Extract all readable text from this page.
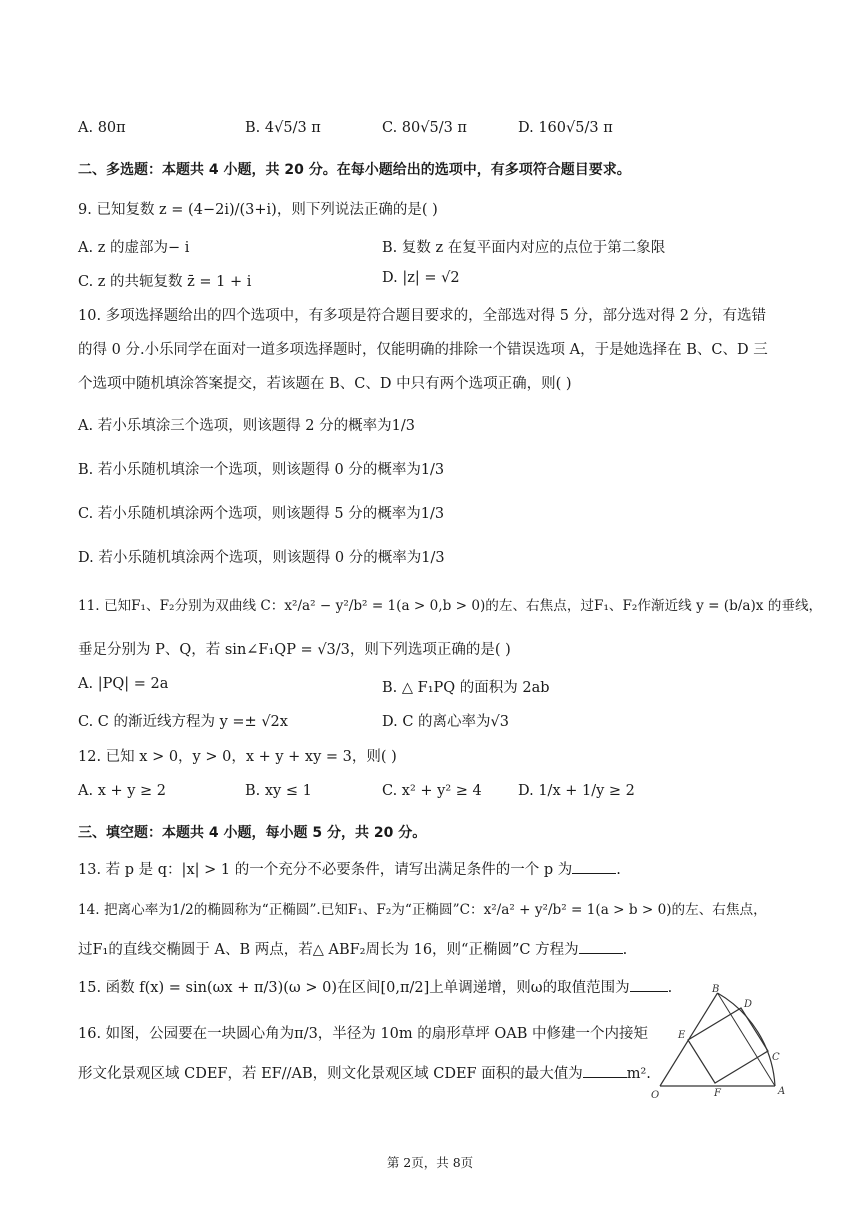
A. 80π	B. 4√5/3 π	C. 80√5/3 π	D. 160√5/3 π
二、多选题：本题共 4 小题，共 20 分。在每小题给出的选项中，有多项符合题目要求。
9. 已知复数 z = (4−2i)/(3+i)，则下列说法正确的是( )
A. z 的虚部为− i	B. 复数 z 在复平面内对应的点位于第二象限
C. z 的共轭复数 z̄ = 1 + i	D. |z| = √2
10. 多项选择题给出的四个选项中，有多项是符合题目要求的，全部选对得 5 分，部分选对得 2 分，有选错
的得 0 分.小乐同学在面对一道多项选择题时，仅能明确的排除一个错误选项 A，于是她选择在 B、C、D 三
个选项中随机填涂答案提交，若该题在 B、C、D 中只有两个选项正确，则( )
A. 若小乐填涂三个选项，则该题得 2 分的概率为1/3
B. 若小乐随机填涂一个选项，则该题得 0 分的概率为1/3
C. 若小乐随机填涂两个选项，则该题得 5 分的概率为1/3
D. 若小乐随机填涂两个选项，则该题得 0 分的概率为1/3
11. 已知F₁、F₂分别为双曲线 C：x²/a² − y²/b² = 1(a > 0,b > 0)的左、右焦点，过F₁、F₂作渐近线 y = (b/a)x 的垂线，
垂足分别为 P、Q，若 sin∠F₁QP = √3/3，则下列选项正确的是( )
A. |PQ| = 2a	B. △ F₁PQ 的面积为 2ab
C. C 的渐近线方程为 y =± √2x	D. C 的离心率为√3
12. 已知 x > 0，y > 0，x + y + xy = 3，则( )
A. x + y ≥ 2	B. xy ≤ 1	C. x² + y² ≥ 4 D. 1/x + 1/y ≥ 2
三、填空题：本题共 4 小题，每小题 5 分，共 20 分。
13. 若 p 是 q：|x| > 1 的一个充分不必要条件，请写出满足条件的一个 p 为	.
14. 把离心率为1/2的椭圆称为“正椭圆”.已知F₁、F₂为“正椭圆”C：x²/a² + y²/b² = 1(a > b > 0)的左、右焦点，
过F₁的直线交椭圆于 A、B 两点，若△ ABF₂周长为 16，则“正椭圆”C 方程为	.
15. 函数 f(x) = sin(ωx + π/3)(ω > 0)在区间[0,π/2]上单调递增，则ω的取值范围为	.
16. 如图，公园要在一块圆心角为π/3，半径为 10m 的扇形草坪 OAB 中修建一个内接矩
形文化景观区域 CDEF，若 EF//AB，则文化景观区域 CDEF 面积的最大值为	m².
O	A
B
C
D
E
F
第 2页，共 8页
